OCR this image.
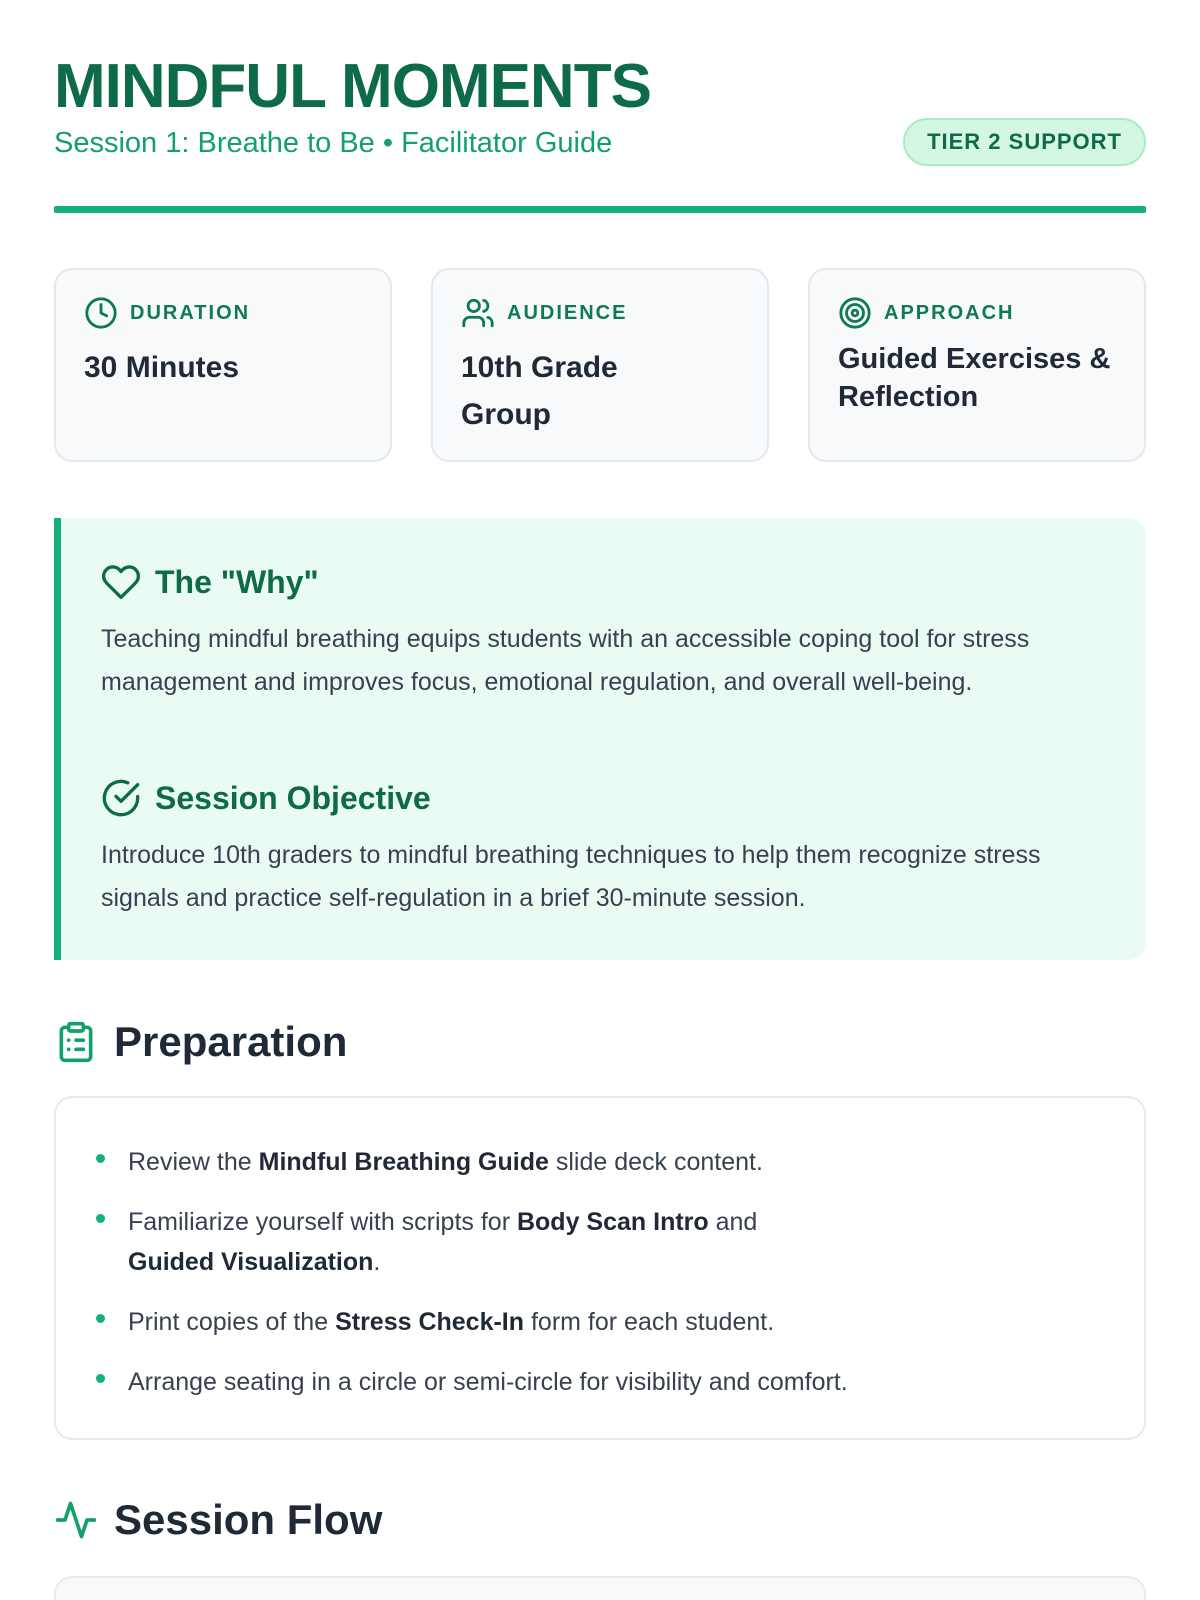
MINDFUL MOMENTS
Session 1: Breathe to Be • Facilitator Guide	TIER 2 SUPPORT
DURATION
30 Minutes
AUDIENCE
10th Grade Group
APPROACH
Guided Exercises & Reflection
The "Why"

Teaching mindful breathing equips students with an accessible coping tool for stress management and improves focus, emotional regulation, and overall well-being.

Session Objective

Introduce 10th graders to mindful breathing techniques to help them recognize stress signals and practice self-regulation in a brief 30-minute session.

Preparation
Review the Mindful Breathing Guide slide deck content.
Familiarize yourself with scripts for Body Scan Intro and
Guided Visualization.
Print copies of the Stress Check-In form for each student.
Arrange seating in a circle or semi-circle for visibility and comfort.
Session Flow
